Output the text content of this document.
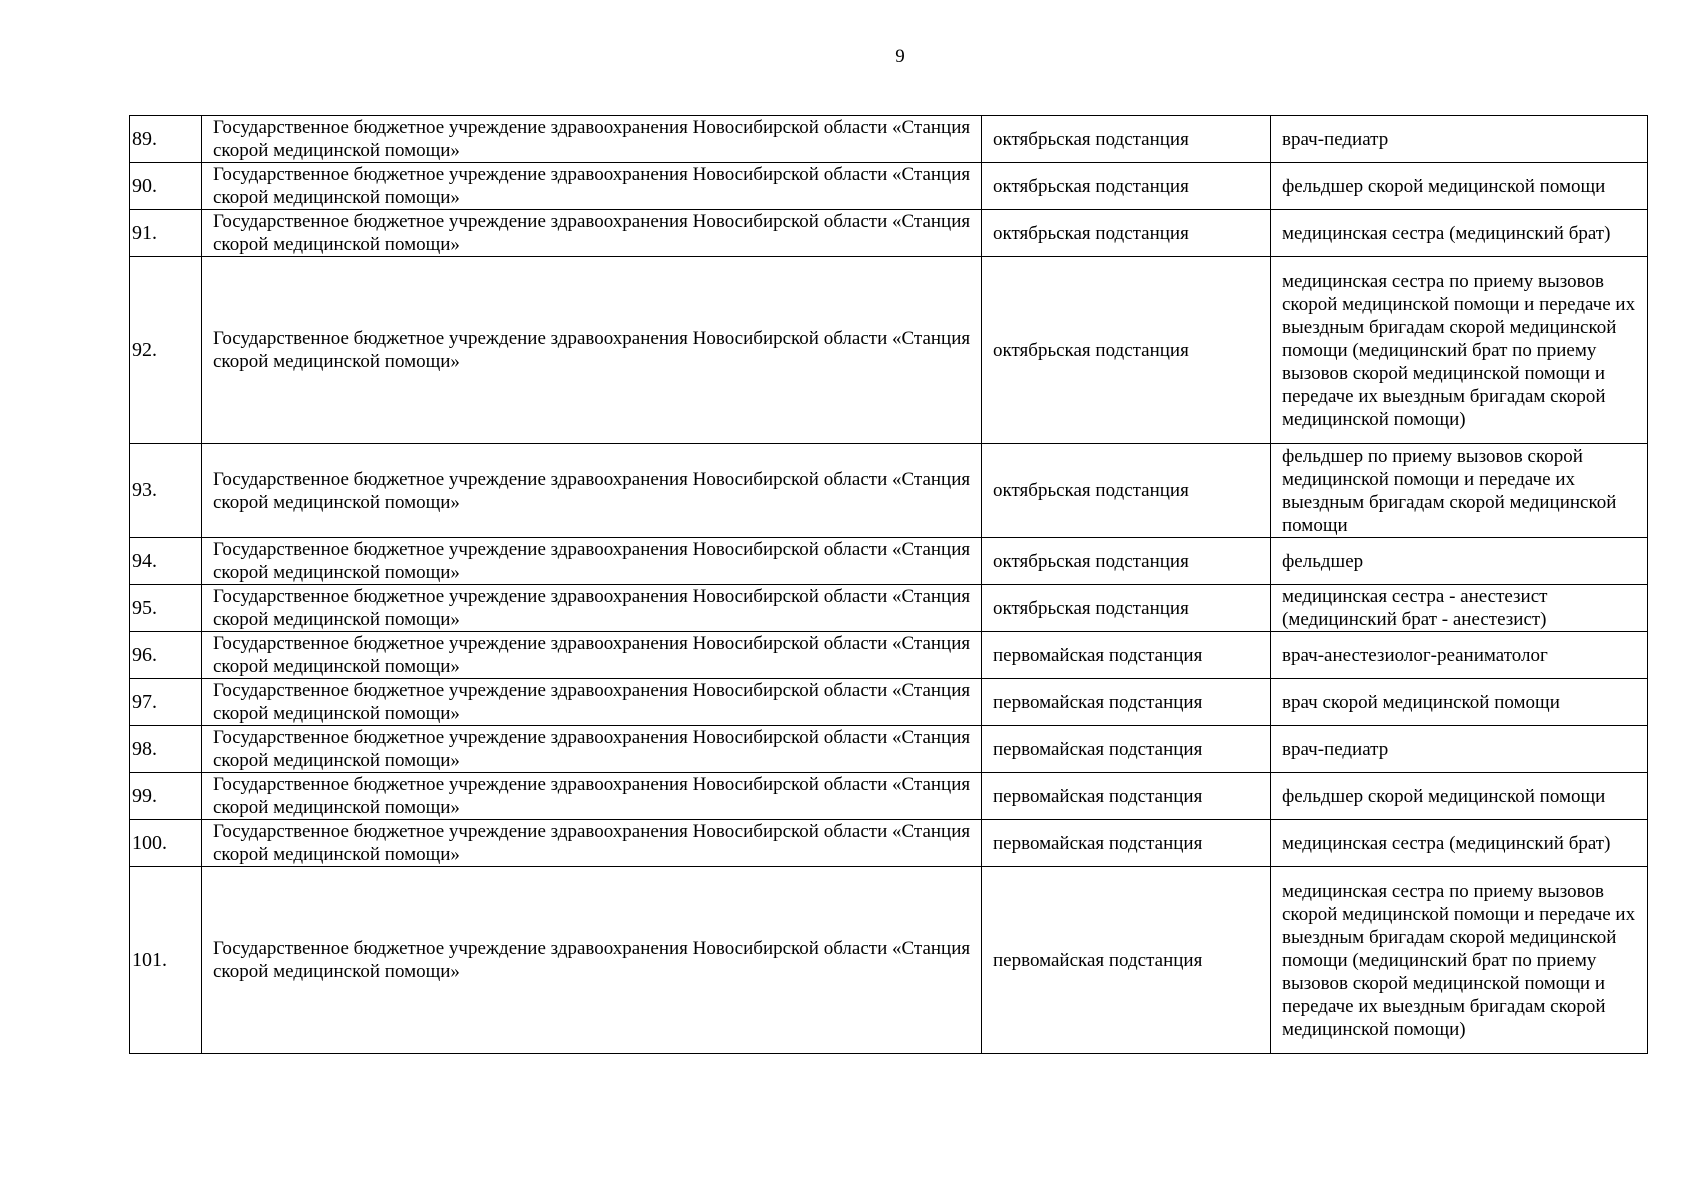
9
89.	Государственное бюджетное учреждение здравоохранения Новосибирской области «Станция скорой медицинской помощи»	октябрьская подстанция	врач-педиатр
90.	Государственное бюджетное учреждение здравоохранения Новосибирской области «Станция скорой медицинской помощи»	октябрьская подстанция	фельдшер скорой медицинской помощи
91.	Государственное бюджетное учреждение здравоохранения Новосибирской области «Станция скорой медицинской помощи»	октябрьская подстанция	медицинская сестра (медицинский брат)
92.	Государственное бюджетное учреждение здравоохранения Новосибирской области «Станция скорой медицинской помощи»	октябрьская подстанция	медицинская сестра по приему вызовов скорой медицинской помощи и передаче их выездным бригадам скорой медицинской помощи (медицинский брат по приему вызовов скорой медицинской помощи и передаче их выездным бригадам скорой медицинской помощи)
93.	Государственное бюджетное учреждение здравоохранения Новосибирской области «Станция скорой медицинской помощи»	октябрьская подстанция	фельдшер по приему вызовов скорой медицинской помощи и передаче их выездным бригадам скорой медицинской помощи
94.	Государственное бюджетное учреждение здравоохранения Новосибирской области «Станция скорой медицинской помощи»	октябрьская подстанция	фельдшер
95.	Государственное бюджетное учреждение здравоохранения Новосибирской области «Станция скорой медицинской помощи»	октябрьская подстанция	медицинская сестра - анестезист (медицинский брат - анестезист)
96.	Государственное бюджетное учреждение здравоохранения Новосибирской области «Станция скорой медицинской помощи»	первомайская подстанция	врач-анестезиолог-реаниматолог
97.	Государственное бюджетное учреждение здравоохранения Новосибирской области «Станция скорой медицинской помощи»	первомайская подстанция	врач скорой медицинской помощи
98.	Государственное бюджетное учреждение здравоохранения Новосибирской области «Станция скорой медицинской помощи»	первомайская подстанция	врач-педиатр
99.	Государственное бюджетное учреждение здравоохранения Новосибирской области «Станция скорой медицинской помощи»	первомайская подстанция	фельдшер скорой медицинской помощи
100.	Государственное бюджетное учреждение здравоохранения Новосибирской области «Станция скорой медицинской помощи»	первомайская подстанция	медицинская сестра (медицинский брат)
101.	Государственное бюджетное учреждение здравоохранения Новосибирской области «Станция скорой медицинской помощи»	первомайская подстанция	медицинская сестра по приему вызовов скорой медицинской помощи и передаче их выездным бригадам скорой медицинской помощи (медицинский брат по приему вызовов скорой медицинской помощи и передаче их выездным бригадам скорой медицинской помощи)
